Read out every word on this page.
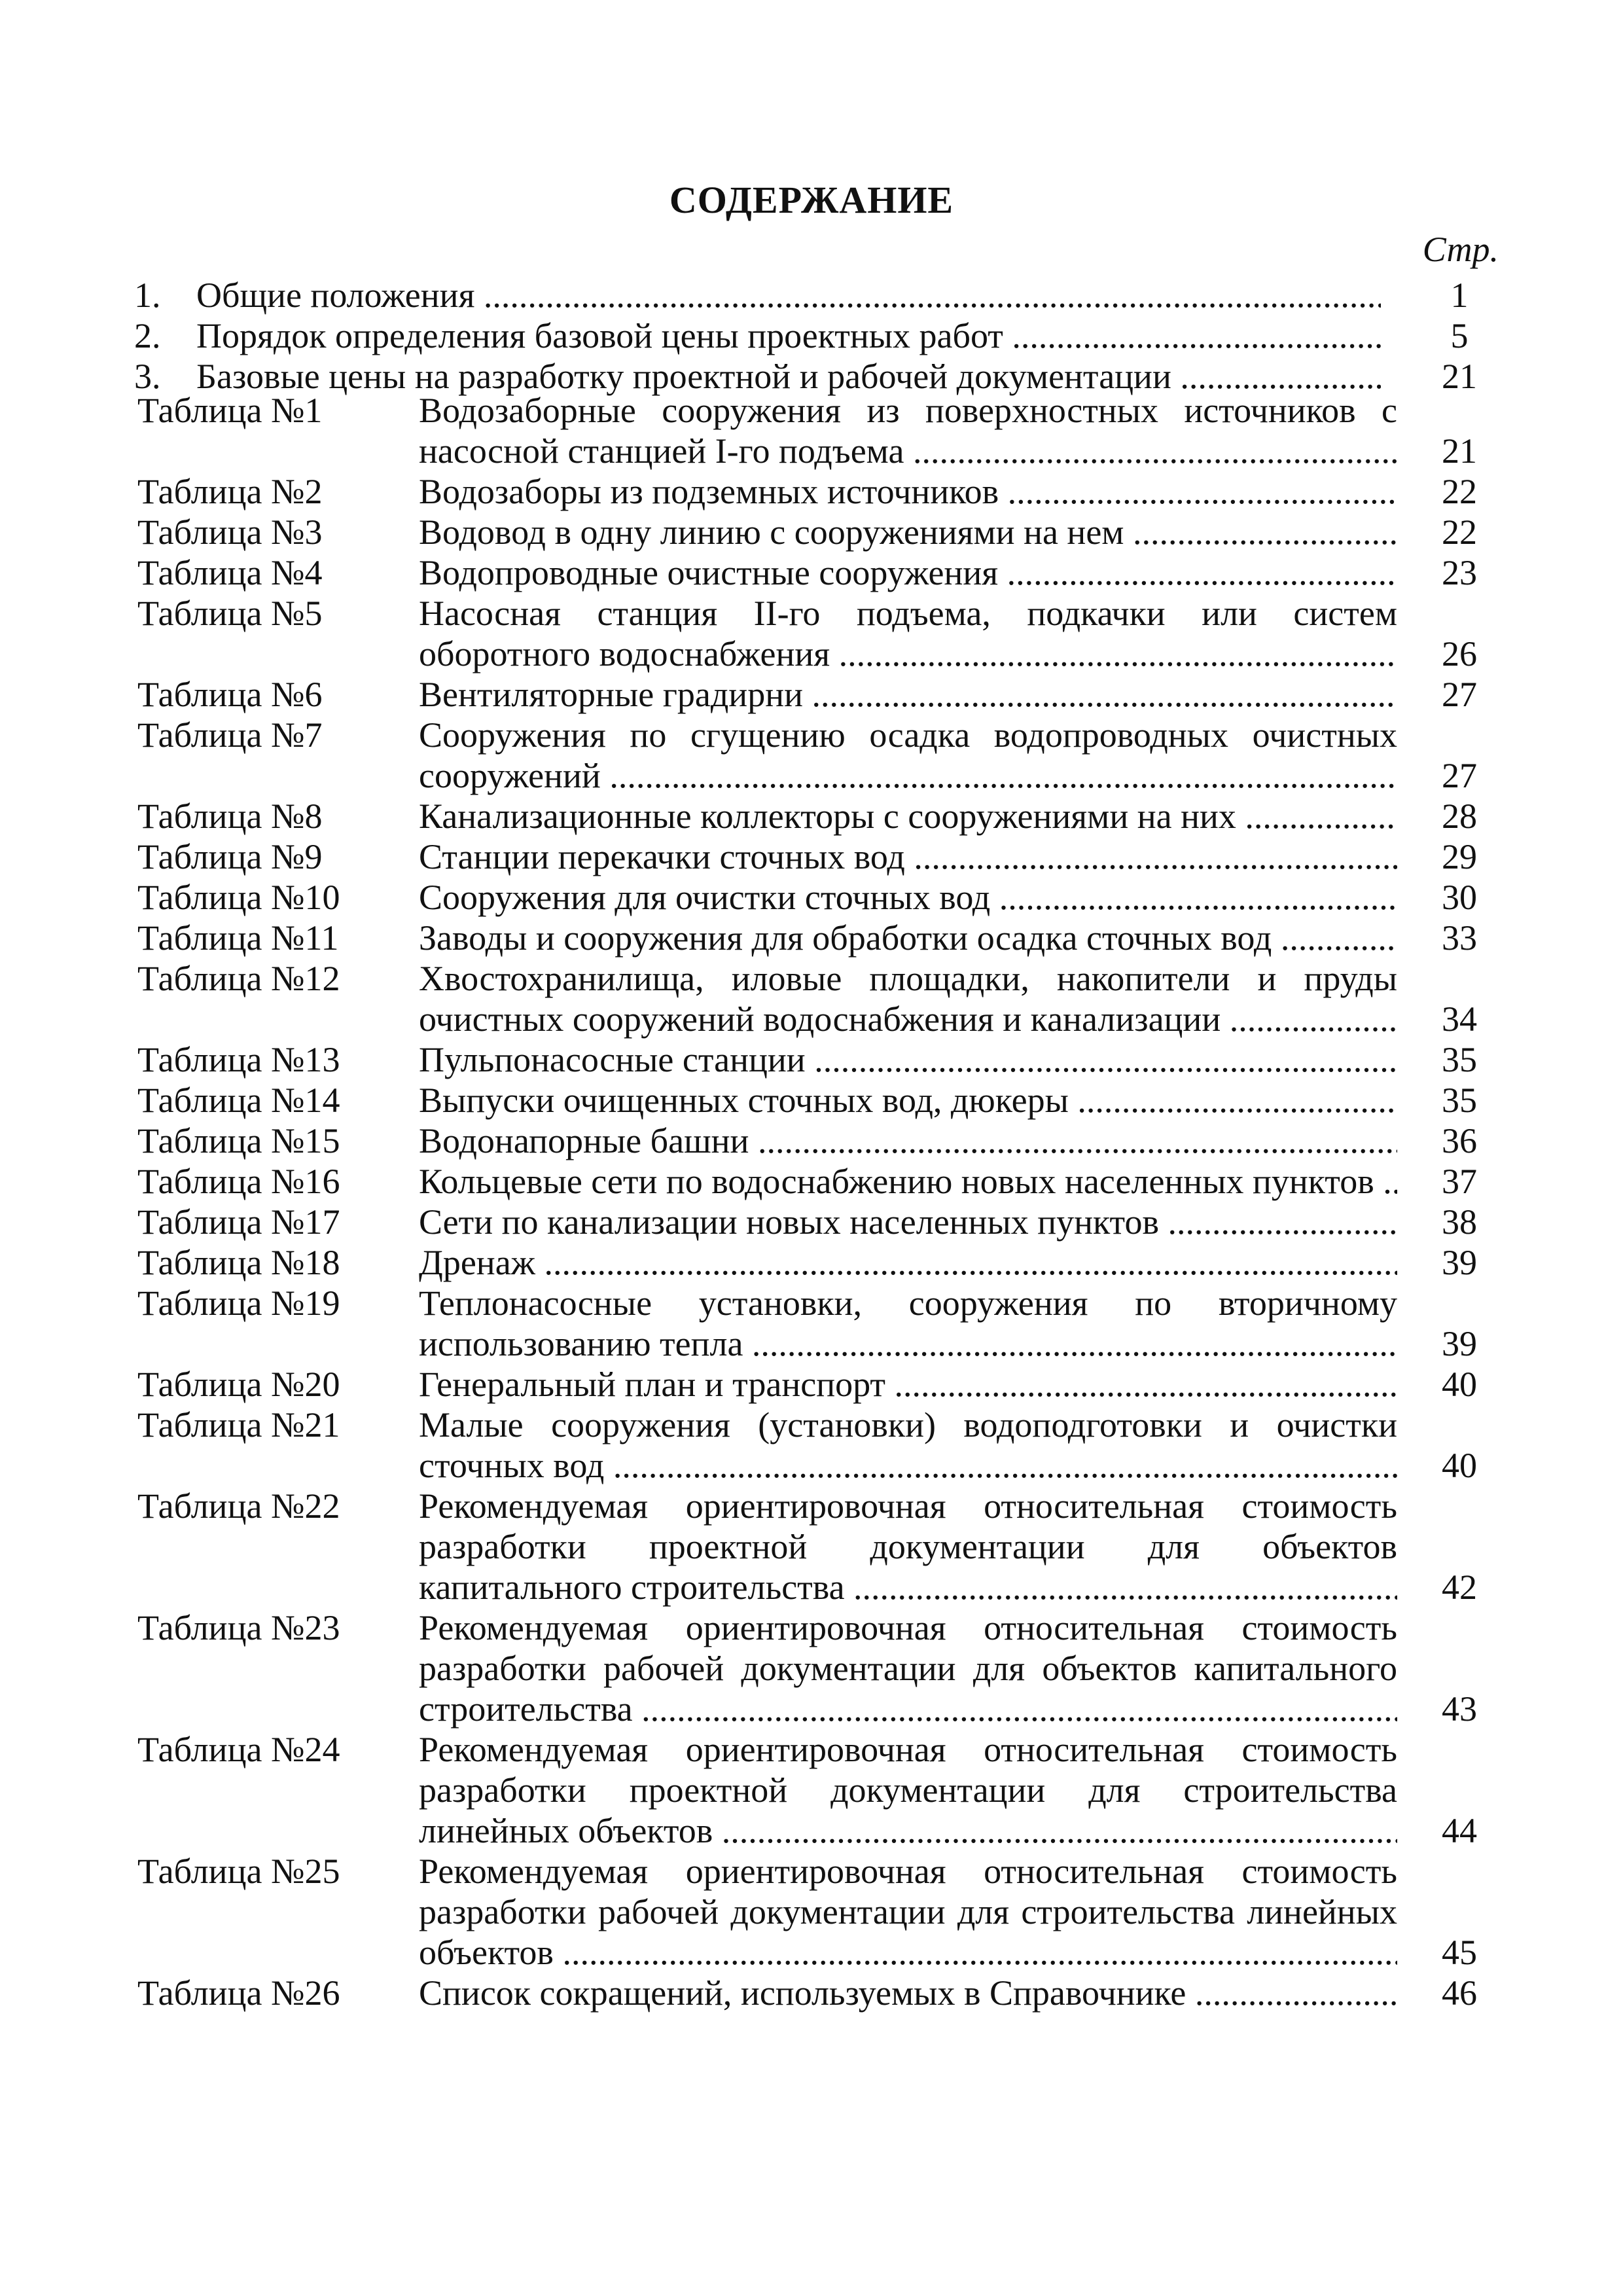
СОДЕРЖАНИЕ
Стр.
1. Общие положения .....	1
2. Порядок определения базовой цены проектных работ .....	5
3. Базовые цены на разработку проектной и рабочей документации .....	21
Таблица №1	Водозаборные сооружения из поверхностных источников с
насосной станцией I-го подъема .....	21
Таблица №2	Водозаборы из подземных источников .....	22
Таблица №3	Водовод в одну линию с сооружениями на нем .....	22
Таблица №4	Водопроводные очистные сооружения .....	23
Таблица №5	Насосная станция II-го подъема, подкачки или систем
оборотного водоснабжения .....	26
Таблица №6	Вентиляторные градирни .....	27
Таблица №7	Сооружения по сгущению осадка водопроводных очистных
сооружений .....	27
Таблица №8	Канализационные коллекторы с сооружениями на них .....	28
Таблица №9	Станции перекачки сточных вод .....	29
Таблица №10 Сооружения для очистки сточных вод .....	30
Таблица №11 Заводы и сооружения для обработки осадка сточных вод .....	33
Таблица №12 Хвостохранилища, иловые площадки, накопители и пруды
очистных сооружений водоснабжения и канализации .....	34
Таблица №13 Пульпонасосные станции .....	35
Таблица №14 Выпуски очищенных сточных вод, дюкеры .....	35
Таблица №15 Водонапорные башни .....	36
Таблица №16 Кольцевые сети по водоснабжению новых населенных пунктов .....	37
Таблица №17 Сети по канализации новых населенных пунктов .....	38
Таблица №18 Дренаж .....	39
Таблица №19 Теплонасосные установки, сооружения по вторичному
использованию тепла .....	39
Таблица №20 Генеральный план и транспорт .....	40
Таблица №21 Малые сооружения (установки) водоподготовки и очистки
сточных вод .....	40
Таблица №22 Рекомендуемая ориентировочная относительная стоимость
разработки проектной документации для объектов
капитального строительства .....	42
Таблица №23 Рекомендуемая ориентировочная относительная стоимость
разработки рабочей документации для объектов капитального
строительства .....	43
Таблица №24 Рекомендуемая ориентировочная относительная стоимость
разработки проектной документации для строительства
линейных объектов .....	44
Таблица №25 Рекомендуемая ориентировочная относительная стоимость
разработки рабочей документации для строительства линейных
объектов .....	45
Таблица №26 Список сокращений, используемых в Справочнике .....	46
